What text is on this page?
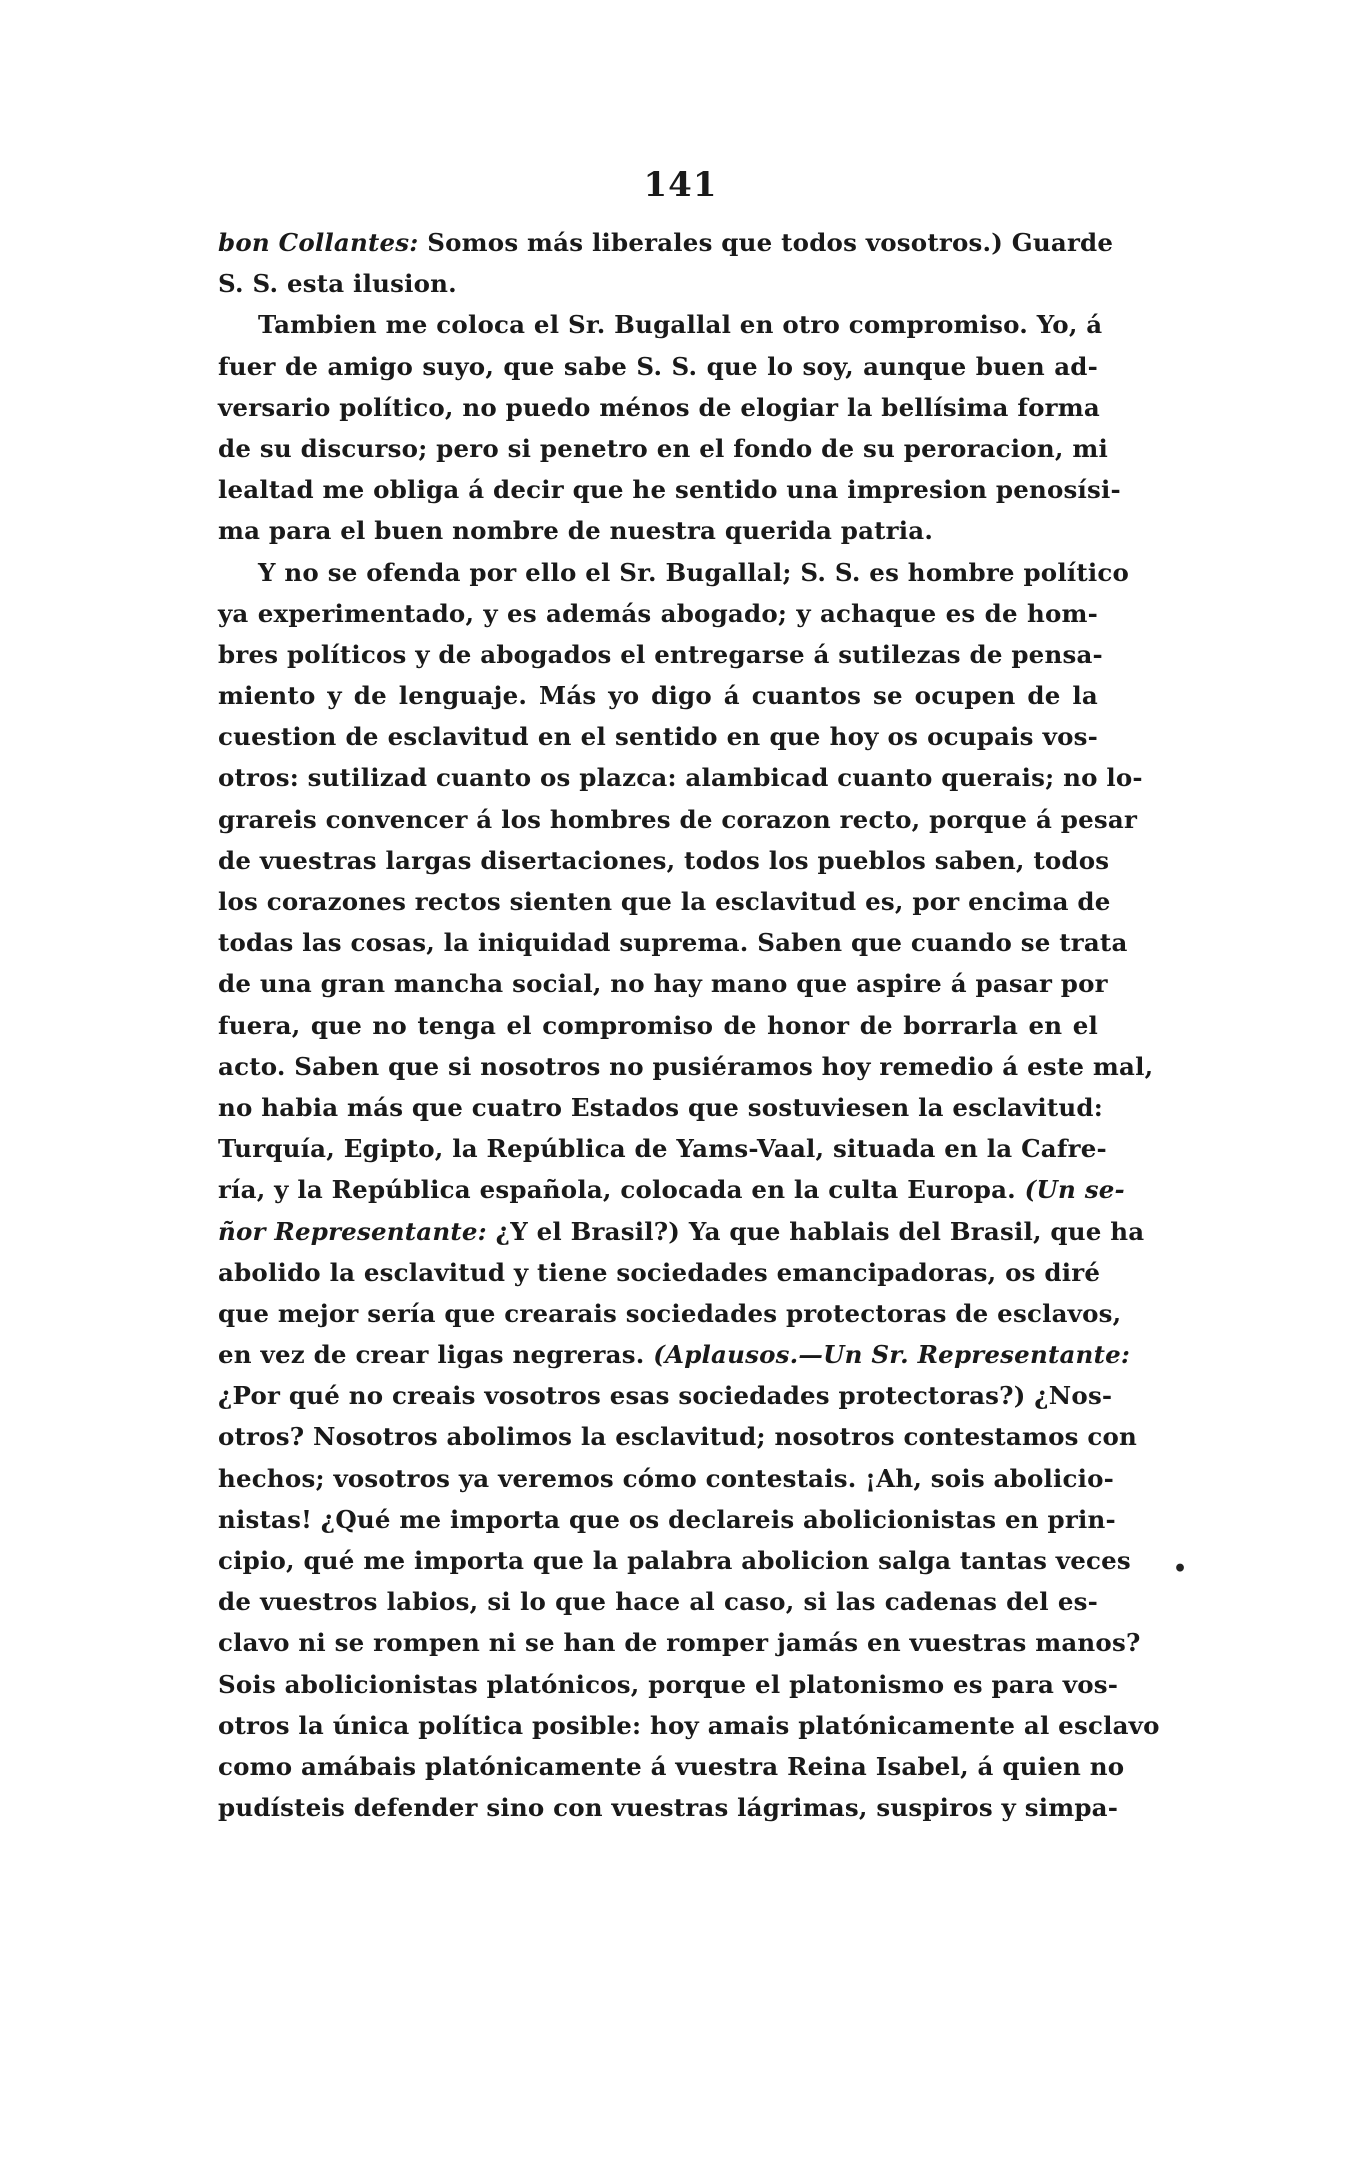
141
bon Collantes: Somos más liberales que todos vosotros.) Guarde
S. S. esta ilusion.
Tambien me coloca el Sr. Bugallal en otro compromiso. Yo, á
fuer de amigo suyo, que sabe S. S. que lo soy, aunque buen ad-
versario político, no puedo ménos de elogiar la bellísima forma
de su discurso; pero si penetro en el fondo de su peroracion, mi
lealtad me obliga á decir que he sentido una impresion penosísi-
ma para el buen nombre de nuestra querida patria.
Y no se ofenda por ello el Sr. Bugallal; S. S. es hombre político
ya experimentado, y es además abogado; y achaque es de hom-
bres políticos y de abogados el entregarse á sutilezas de pensa-
miento y de lenguaje. Más yo digo á cuantos se ocupen de la
cuestion de esclavitud en el sentido en que hoy os ocupais vos-
otros: sutilizad cuanto os plazca: alambicad cuanto querais; no lo-
grareis convencer á los hombres de corazon recto, porque á pesar
de vuestras largas disertaciones, todos los pueblos saben, todos
los corazones rectos sienten que la esclavitud es, por encima de
todas las cosas, la iniquidad suprema. Saben que cuando se trata
de una gran mancha social, no hay mano que aspire á pasar por
fuera, que no tenga el compromiso de honor de borrarla en el
acto. Saben que si nosotros no pusiéramos hoy remedio á este mal,
no habia más que cuatro Estados que sostuviesen la esclavitud:
Turquía, Egipto, la República de Yams-Vaal, situada en la Cafre-
ría, y la República española, colocada en la culta Europa. (Un se-
ñor Representante: ¿Y el Brasil?) Ya que hablais del Brasil, que ha
abolido la esclavitud y tiene sociedades emancipadoras, os diré
que mejor sería que crearais sociedades protectoras de esclavos,
en vez de crear ligas negreras. (Aplausos.—Un Sr. Representante:
¿Por qué no creais vosotros esas sociedades protectoras?) ¿Nos-
otros? Nosotros abolimos la esclavitud; nosotros contestamos con
hechos; vosotros ya veremos cómo contestais. ¡Ah, sois abolicio-
nistas! ¿Qué me importa que os declareis abolicionistas en prin-
cipio, qué me importa que la palabra abolicion salga tantas veces
de vuestros labios, si lo que hace al caso, si las cadenas del es-
clavo ni se rompen ni se han de romper jamás en vuestras manos?
Sois abolicionistas platónicos, porque el platonismo es para vos-
otros la única política posible: hoy amais platónicamente al esclavo
como amábais platónicamente á vuestra Reina Isabel, á quien no
pudísteis defender sino con vuestras lágrimas, suspiros y simpa-
•
